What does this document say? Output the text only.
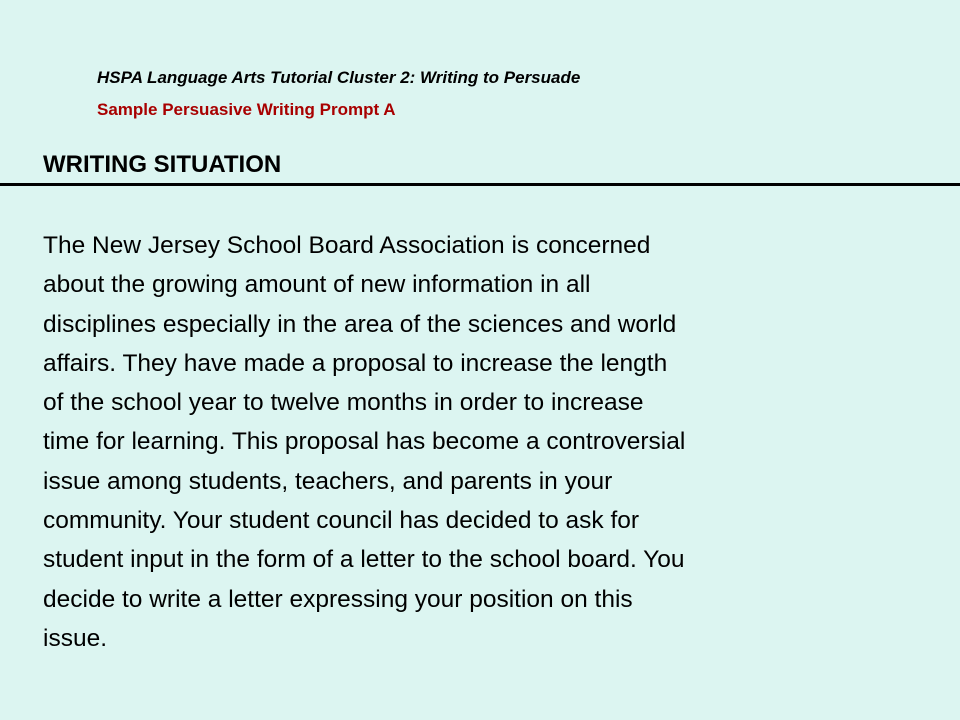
HSPA Language Arts Tutorial Cluster 2: Writing to Persuade
Sample Persuasive Writing Prompt A
WRITING SITUATION

The New Jersey School Board Association is concerned
about the growing amount of new information in all
disciplines especially in the area of the sciences and world
affairs. They have made a proposal to increase the length
of the school year to twelve months in order to increase
time for learning. This proposal has become a controversial
issue among students, teachers, and parents in your
community. Your student council has decided to ask for
student input in the form of a letter to the school board. You
decide to write a letter expressing your position on this
issue.
